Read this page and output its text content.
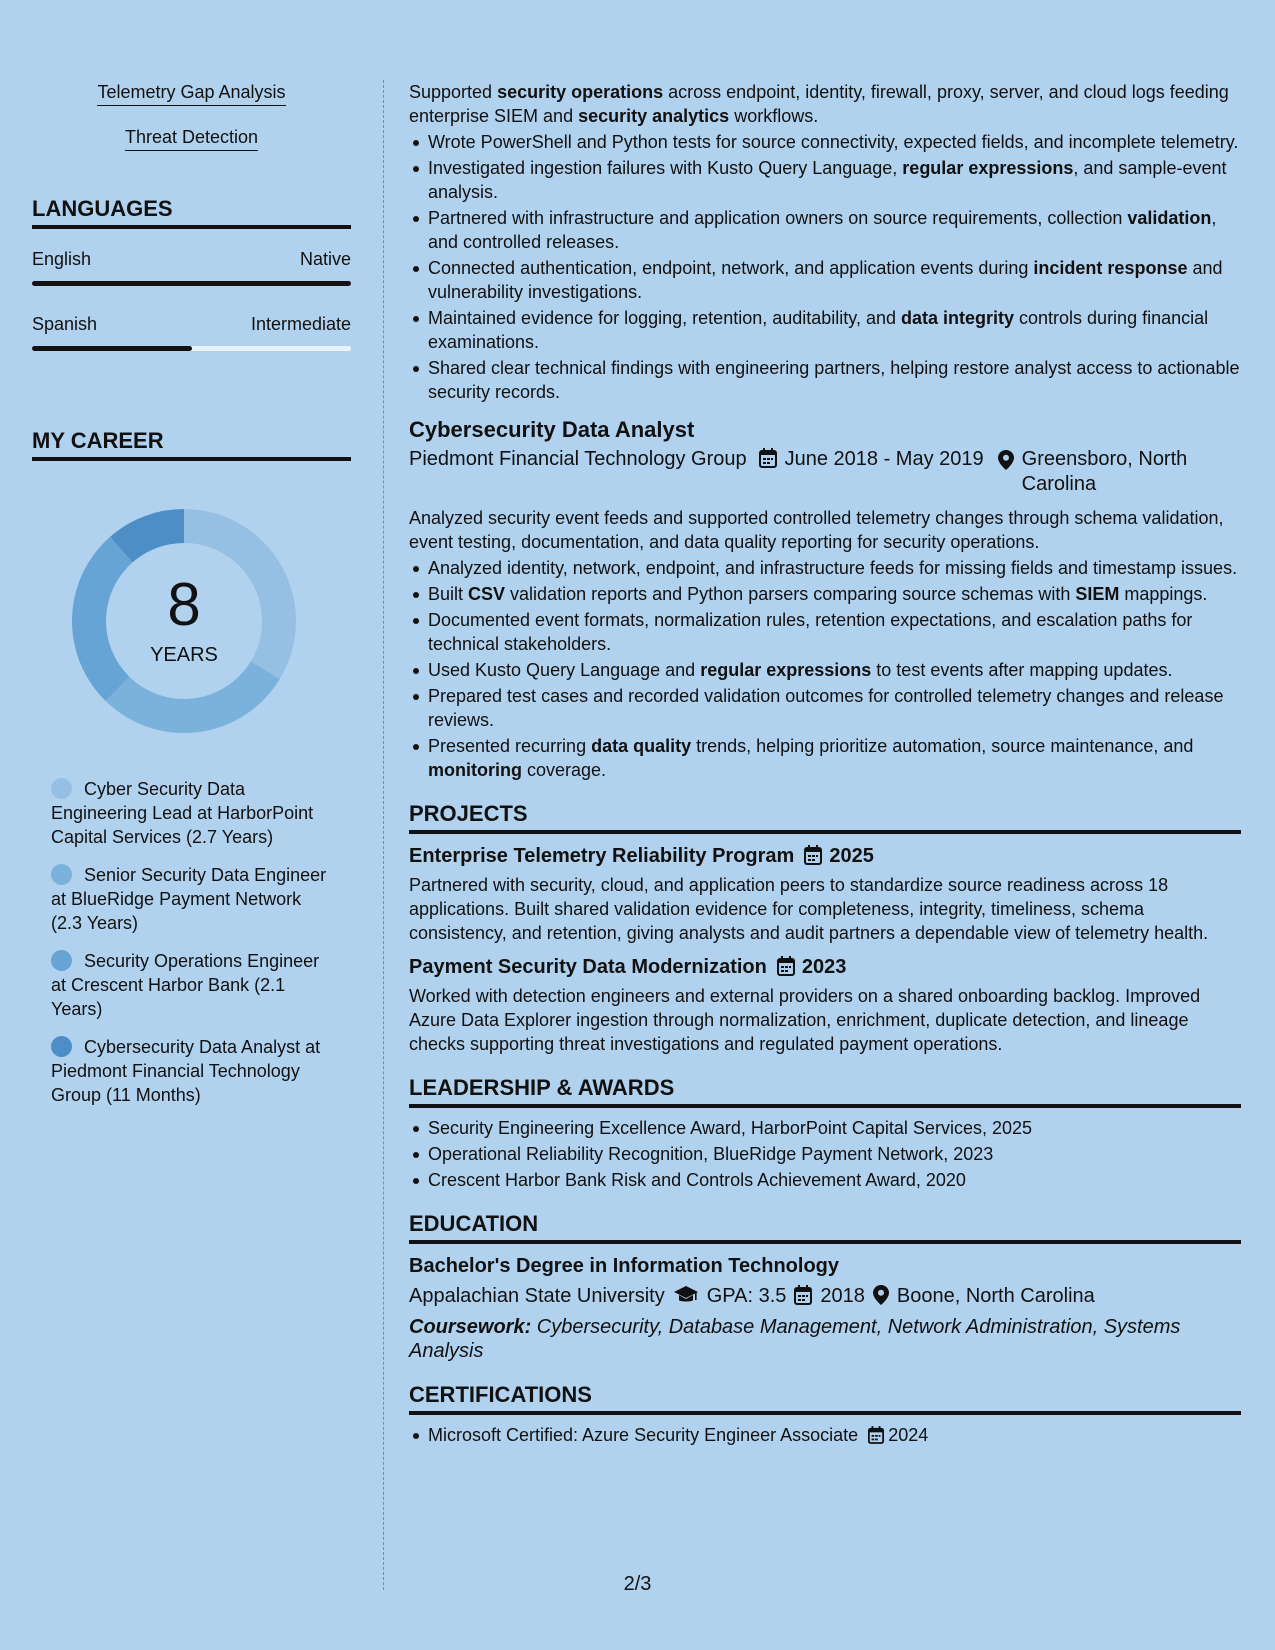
Telemetry Gap Analysis
Threat Detection
LANGUAGES
English	Native
Spanish	Intermediate
MY CAREER
8
YEARS
Cyber Security Data Engineering Lead at HarborPoint Capital Services (2.7 Years)
Senior Security Data Engineer at BlueRidge Payment Network (2.3 Years)
Security Operations Engineer at Crescent Harbor Bank (2.1 Years)
Cybersecurity Data Analyst at Piedmont Financial Technology Group (11 Months)
Supported security operations across endpoint, identity, firewall, proxy, server, and cloud logs feeding enterprise SIEM and security analytics workflows.
Wrote PowerShell and Python tests for source connectivity, expected fields, and incomplete telemetry.
Investigated ingestion failures with Kusto Query Language, regular expressions, and sample-event analysis.
Partnered with infrastructure and application owners on source requirements, collection validation, and controlled releases.
Connected authentication, endpoint, network, and application events during incident response and vulnerability investigations.
Maintained evidence for logging, retention, auditability, and data integrity controls during financial examinations.
Shared clear technical findings with engineering partners, helping restore analyst access to actionable security records.
Cybersecurity Data Analyst
Piedmont Financial Technology Group	June 2018 - May 2019 Greensboro, North Carolina
Analyzed security event feeds and supported controlled telemetry changes through schema validation, event testing, documentation, and data quality reporting for security operations.
Analyzed identity, network, endpoint, and infrastructure feeds for missing fields and timestamp issues.
Built CSV validation reports and Python parsers comparing source schemas with SIEM mappings.
Documented event formats, normalization rules, retention expectations, and escalation paths for technical stakeholders.
Used Kusto Query Language and regular expressions to test events after mapping updates.
Prepared test cases and recorded validation outcomes for controlled telemetry changes and release reviews.
Presented recurring data quality trends, helping prioritize automation, source maintenance, and monitoring coverage.
PROJECTS
Enterprise Telemetry Reliability Program 2025
Partnered with security, cloud, and application peers to standardize source readiness across 18 applications. Built shared validation evidence for completeness, integrity, timeliness, schema consistency, and retention, giving analysts and audit partners a dependable view of telemetry health.
Payment Security Data Modernization 2023
Worked with detection engineers and external providers on a shared onboarding backlog. Improved Azure Data Explorer ingestion through normalization, enrichment, duplicate detection, and lineage checks supporting threat investigations and regulated payment operations.
LEADERSHIP & AWARDS
Security Engineering Excellence Award, HarborPoint Capital Services, 2025
Operational Reliability Recognition, BlueRidge Payment Network, 2023
Crescent Harbor Bank Risk and Controls Achievement Award, 2020
EDUCATION
Bachelor's Degree in Information Technology
Appalachian State University GPA: 3.5 2018 Boone, North Carolina
Coursework: Cybersecurity, Database Management, Network Administration, Systems Analysis
CERTIFICATIONS
Microsoft Certified: Azure Security Engineer Associate 2024
2/3
